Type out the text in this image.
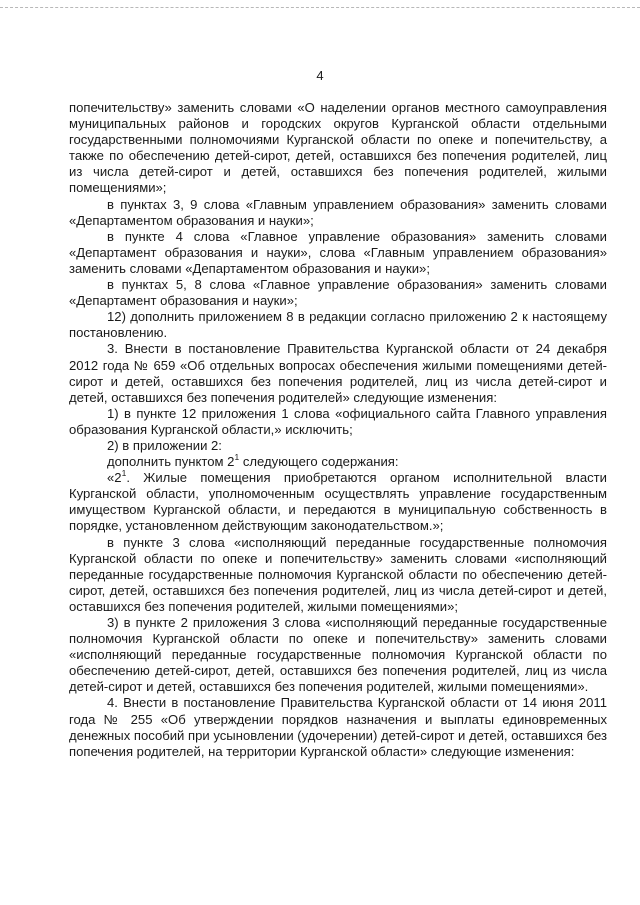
4

попечительству» заменить словами «О наделении органов местного самоуправления муниципальных районов и городских округов Курганской области отдельными государственными полномочиями Курганской области по опеке и попечительству, а также по обеспечению детей-сирот, детей, оставшихся без попечения родителей, лиц из числа детей-сирот и детей, оставшихся без попечения родителей, жилыми помещениями»;

в пунктах 3, 9 слова «Главным управлением образования» заменить словами «Департаментом образования и науки»;

в пункте 4 слова «Главное управление образования» заменить словами «Департамент образования и науки», слова «Главным управлением образования» заменить словами «Департаментом образования и науки»;

в пунктах 5, 8 слова «Главное управление образования» заменить словами «Департамент образования и науки»;

12) дополнить приложением 8 в редакции согласно приложению 2 к настоящему постановлению.

3. Внести в постановление Правительства Курганской области от 24 декабря 2012 года № 659 «Об отдельных вопросах обеспечения жилыми помещениями детей-сирот и детей, оставшихся без попечения родителей, лиц из числа детей-сирот и детей, оставшихся без попечения родителей» следующие изменения:

1) в пункте 12 приложения 1 слова «официального сайта Главного управления образования Курганской области,» исключить;

2) в приложении 2:

дополнить пунктом $2^1$ следующего содержания:

«$2^1$. Жилые помещения приобретаются органом исполнительной власти Курганской области, уполномоченным осуществлять управление государственным имуществом Курганской области, и передаются в муниципальную собственность в порядке, установленном действующим законодательством.»;

в пункте 3 слова «исполняющий переданные государственные полномочия Курганской области по опеке и попечительству» заменить словами «исполняющий переданные государственные полномочия Курганской области по обеспечению детей-сирот, детей, оставшихся без попечения родителей, лиц из числа детей-сирот и детей, оставшихся без попечения родителей, жилыми помещениями»;

3) в пункте 2 приложения 3 слова «исполняющий переданные государственные полномочия Курганской области по опеке и попечительству» заменить словами «исполняющий переданные государственные полномочия Курганской области по обеспечению детей-сирот, детей, оставшихся без попечения родителей, лиц из числа детей-сирот и детей, оставшихся без попечения родителей, жилыми помещениями».

4. Внести в постановление Правительства Курганской области от 14 июня 2011 года № 255 «Об утверждении порядков назначения и выплаты единовременных денежных пособий при усыновлении (удочерении) детей-сирот и детей, оставшихся без попечения родителей, на территории Курганской области» следующие изменения:
